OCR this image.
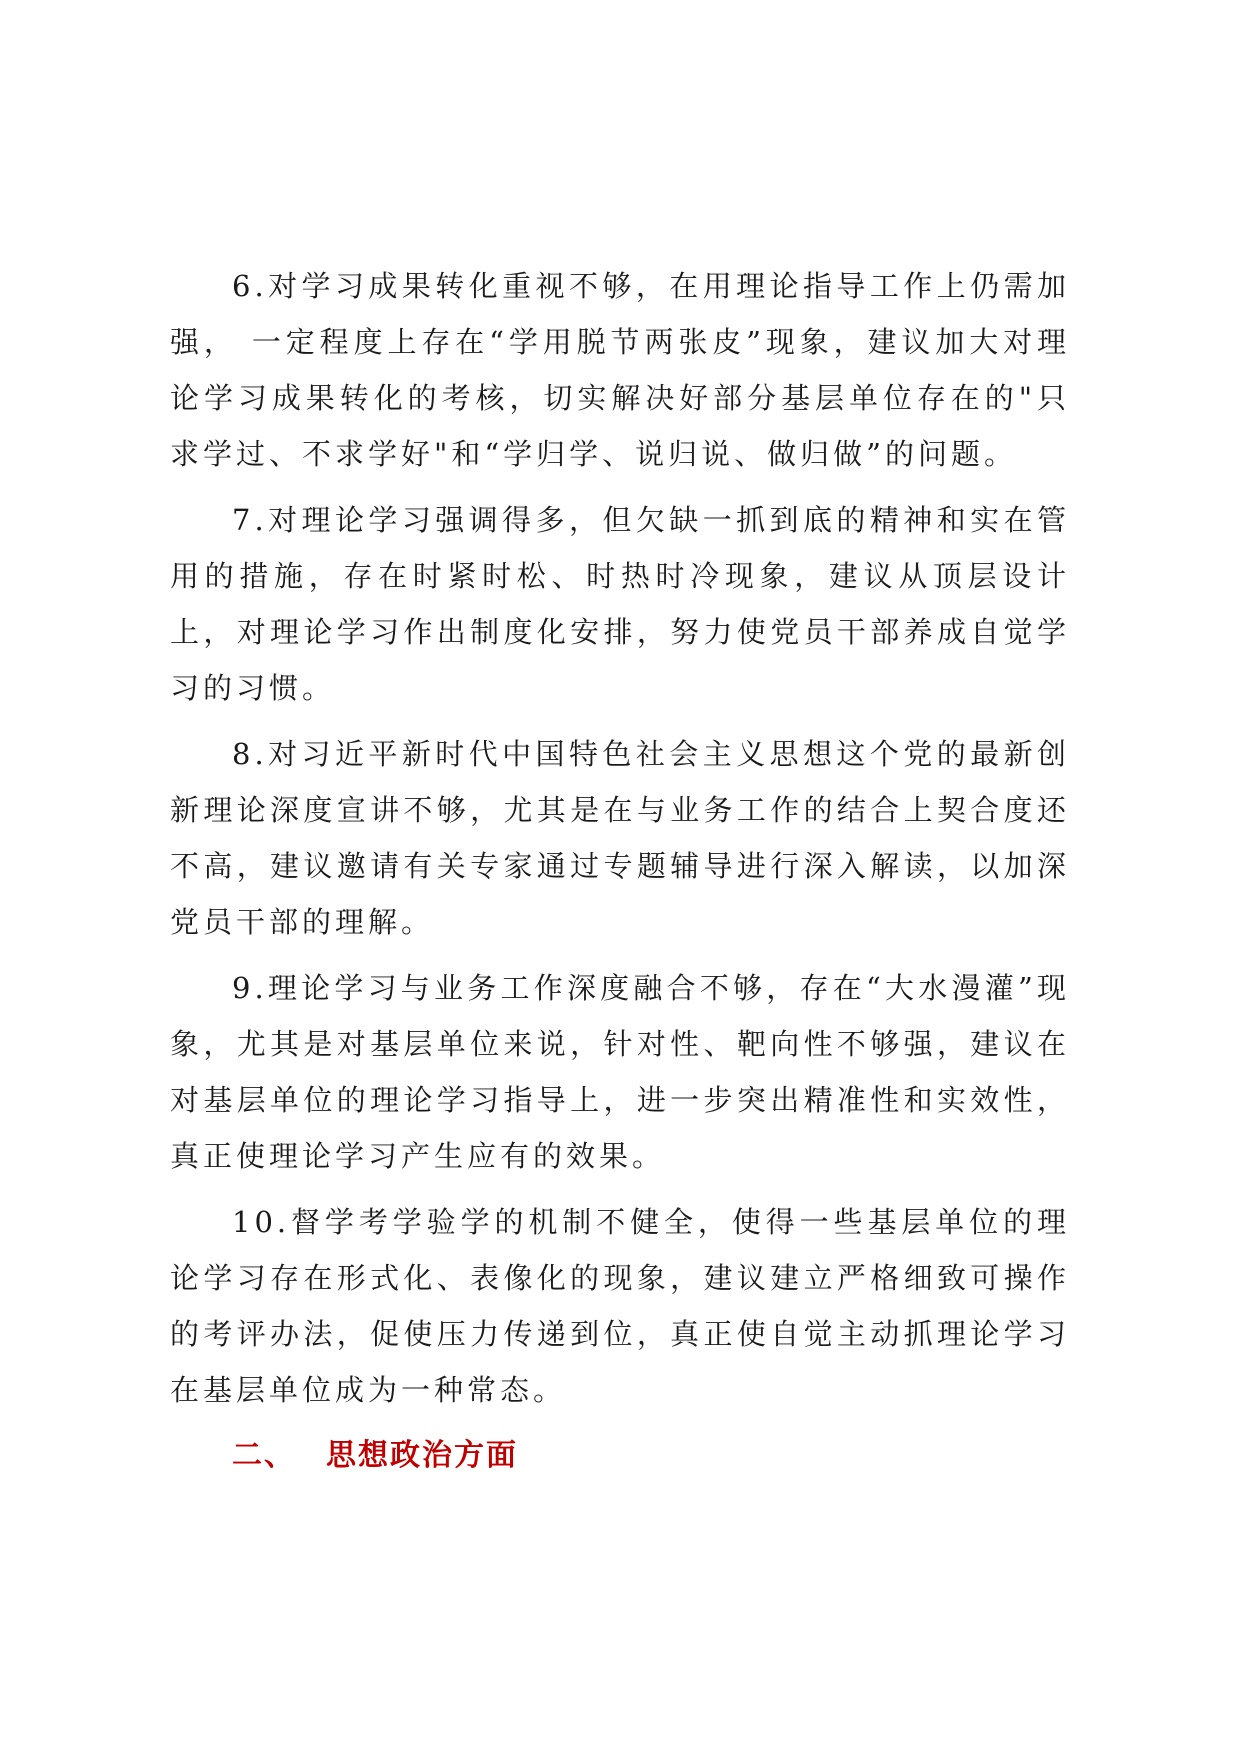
6.对学习成果转化重视不够，在用理论指导工作上仍需加强， 一定程度上存在“学用脱节两张皮”现象，建议加大对理论学习成果转化的考核，切实解决好部分基层单位存在的"只求学过、不求学好"和“学归学、说归说、做归做”的问题。

7.对理论学习强调得多，但欠缺一抓到底的精神和实在管用的措施，存在时紧时松、时热时冷现象，建议从顶层设计上，对理论学习作出制度化安排，努力使党员干部养成自觉学习的习惯。

8.对习近平新时代中国特色社会主义思想这个党的最新创新理论深度宣讲不够，尤其是在与业务工作的结合上契合度还不高，建议邀请有关专家通过专题辅导进行深入解读，以加深党员干部的理解。

9.理论学习与业务工作深度融合不够，存在“大水漫灌”现象，尤其是对基层单位来说，针对性、靶向性不够强，建议在对基层单位的理论学习指导上，进一步突出精准性和实效性，真正使理论学习产生应有的效果。

10.督学考学验学的机制不健全，使得一些基层单位的理论学习存在形式化、表像化的现象，建议建立严格细致可操作的考评办法，促使压力传递到位，真正使自觉主动抓理论学习在基层单位成为一种常态。

二、 思想政治方面
